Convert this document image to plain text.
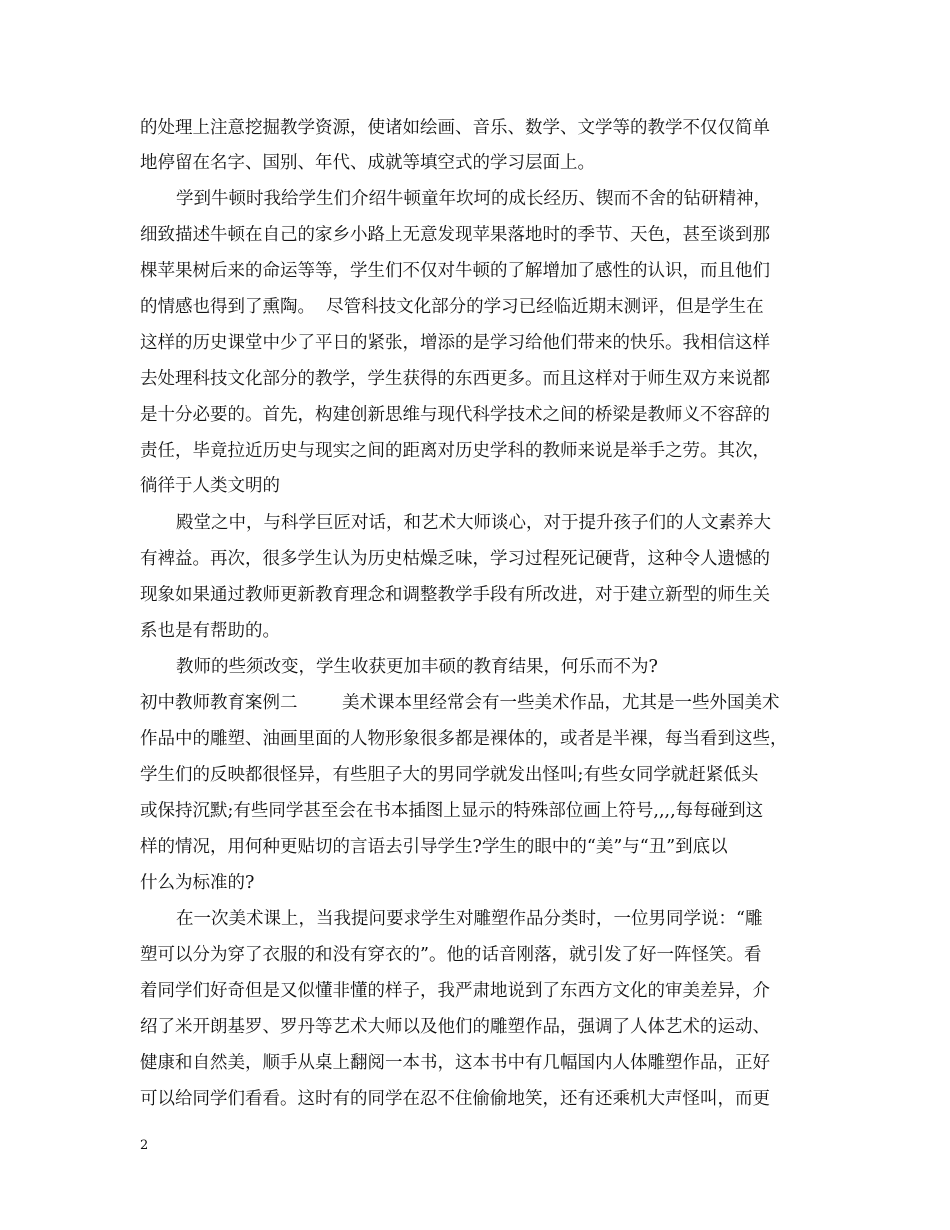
的处理上注意挖掘教学资源，使诸如绘画、音乐、数学、文学等的教学不仅仅简单
地停留在名字、国别、年代、成就等填空式的学习层面上。
学到牛顿时我给学生们介绍牛顿童年坎坷的成长经历、锲而不舍的钻研精神，
细致描述牛顿在自己的家乡小路上无意发现苹果落地时的季节、天色，甚至谈到那
棵苹果树后来的命运等等，学生们不仅对牛顿的了解增加了感性的认识，而且他们
的情感也得到了熏陶。  尽管科技文化部分的学习已经临近期末测评，但是学生在
这样的历史课堂中少了平日的紧张，增添的是学习给他们带来的快乐。我相信这样
去处理科技文化部分的教学，学生获得的东西更多。而且这样对于师生双方来说都
是十分必要的。首先，构建创新思维与现代科学技术之间的桥梁是教师义不容辞的
责任，毕竟拉近历史与现实之间的距离对历史学科的教师来说是举手之劳。其次，
徜徉于人类文明的
殿堂之中，与科学巨匠对话，和艺术大师谈心，对于提升孩子们的人文素养大
有裨益。再次，很多学生认为历史枯燥乏味，学习过程死记硬背，这种令人遗憾的
现象如果通过教师更新教育理念和调整教学手段有所改进，对于建立新型的师生关
系也是有帮助的。
教师的些须改变，学生收获更加丰硕的教育结果，何乐而不为?
初中教师教育案例二        美术课本里经常会有一些美术作品，尤其是一些外国美术
作品中的雕塑、油画里面的人物形象很多都是裸体的，或者是半裸，每当看到这些，
学生们的反映都很怪异，有些胆子大的男同学就发出怪叫;有些女同学就赶紧低头
或保持沉默;有些同学甚至会在书本插图上显示的特殊部位画上符号,,,,每每碰到这
样的情况，用何种更贴切的言语去引导学生?学生的眼中的“美”与“丑”到底以
什么为标准的?
在一次美术课上，当我提问要求学生对雕塑作品分类时，一位男同学说：“雕
塑可以分为穿了衣服的和没有穿衣的”。他的话音刚落，就引发了好一阵怪笑。看
着同学们好奇但是又似懂非懂的样子，我严肃地说到了东西方文化的审美差异，介
绍了米开朗基罗、罗丹等艺术大师以及他们的雕塑作品，强调了人体艺术的运动、
健康和自然美，顺手从桌上翻阅一本书，这本书中有几幅国内人体雕塑作品，正好
可以给同学们看看。这时有的同学在忍不住偷偷地笑，还有还乘机大声怪叫，而更
2
